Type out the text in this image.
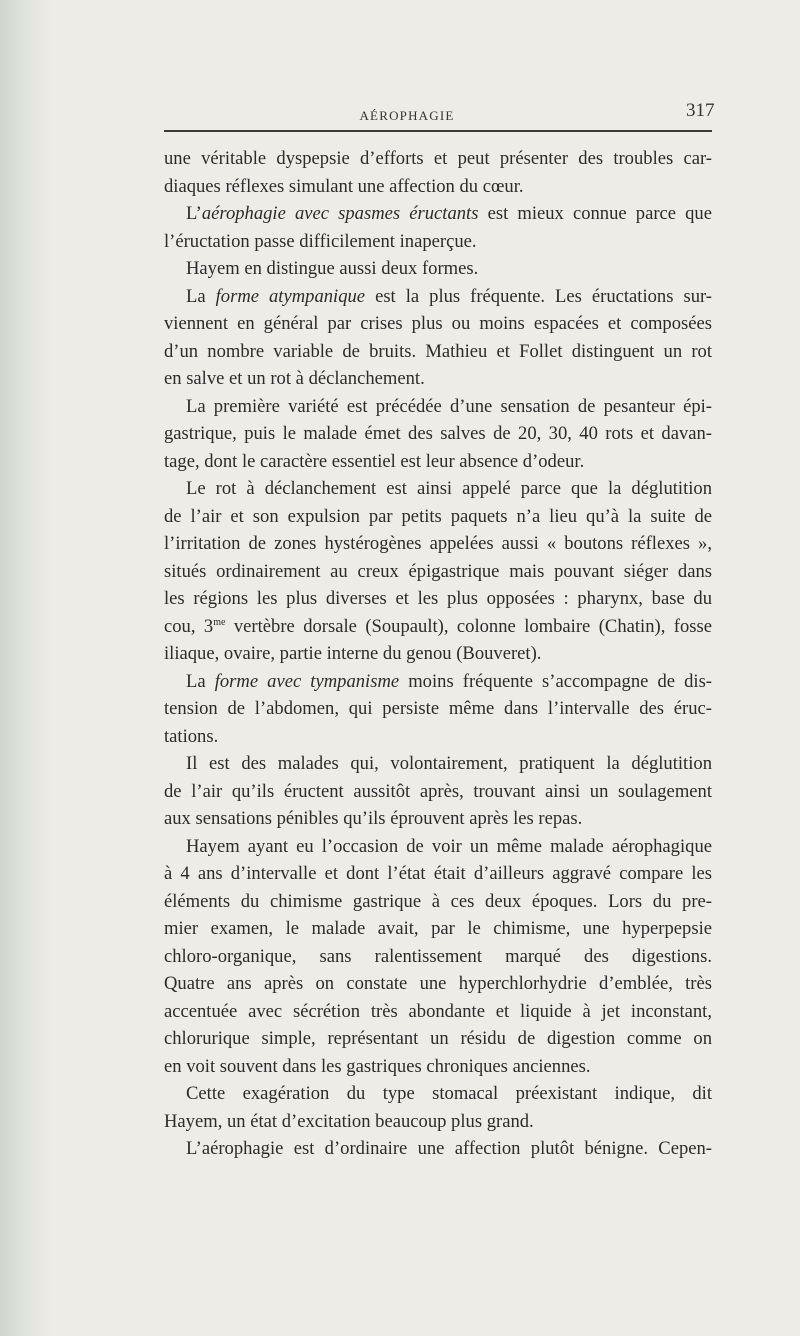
AÉROPHAGIE	317

une véritable dyspepsie d’efforts et peut présenter des troubles car-

diaques réflexes simulant une affection du cœur.

L’aérophagie avec spasmes éructants est mieux connue parce que

l’éructation passe difficilement inaperçue.

Hayem en distingue aussi deux formes.

La forme atympanique est la plus fréquente. Les éructations sur-

viennent en général par crises plus ou moins espacées et composées

d’un nombre variable de bruits. Mathieu et Follet distinguent un rot

en salve et un rot à déclanchement.

La première variété est précédée d’une sensation de pesanteur épi-

gastrique, puis le malade émet des salves de 20, 30, 40 rots et davan-

tage, dont le caractère essentiel est leur absence d’odeur.

Le rot à déclanchement est ainsi appelé parce que la déglutition

de l’air et son expulsion par petits paquets n’a lieu qu’à la suite de

l’irritation de zones hystérogènes appelées aussi « boutons réflexes »,

situés ordinairement au creux épigastrique mais pouvant siéger dans

les régions les plus diverses et les plus opposées : pharynx, base du

cou, $3^{me}$ vertèbre dorsale (Soupault), colonne lombaire (Chatin), fosse

iliaque, ovaire, partie interne du genou (Bouveret).

La forme avec tympanisme moins fréquente s’accompagne de dis-

tension de l’abdomen, qui persiste même dans l’intervalle des éruc-

tations.

Il est des malades qui, volontairement, pratiquent la déglutition

de l’air qu’ils éructent aussitôt après, trouvant ainsi un soulagement

aux sensations pénibles qu’ils éprouvent après les repas.

Hayem ayant eu l’occasion de voir un même malade aérophagique

à 4 ans d’intervalle et dont l’état était d’ailleurs aggravé compare les

éléments du chimisme gastrique à ces deux époques. Lors du pre-

mier examen, le malade avait, par le chimisme, une hyperpepsie

chloro-organique, sans ralentissement marqué des digestions.

Quatre ans après on constate une hyperchlorhydrie d’emblée, très

accentuée avec sécrétion très abondante et liquide à jet inconstant,

chlorurique simple, représentant un résidu de digestion comme on

en voit souvent dans les gastriques chroniques anciennes.

Cette exagération du type stomacal préexistant indique, dit

Hayem, un état d’excitation beaucoup plus grand.

L’aérophagie est d’ordinaire une affection plutôt bénigne. Cepen-
